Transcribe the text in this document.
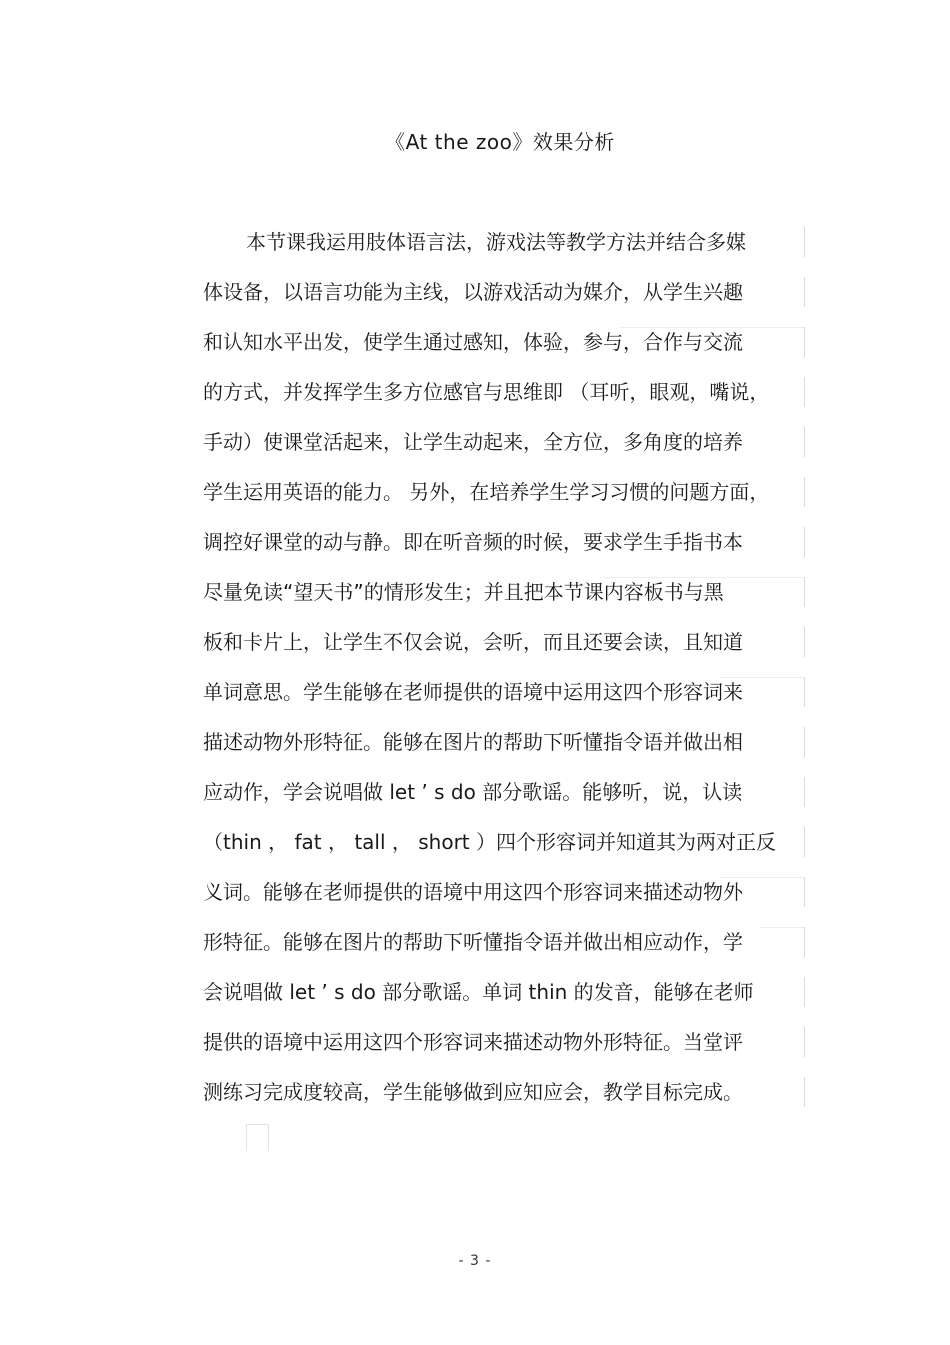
《At the zoo》效果分析
本节课我运用肢体语言法，游戏法等教学方法并结合多媒
体设备，以语言功能为主线，以游戏活动为媒介，从学生兴趣
和认知水平出发，使学生通过感知，体验，参与，合作与交流
的方式，并发挥学生多方位感官与思维即 （耳听，眼观，嘴说，
手动）使课堂活起来，让学生动起来，全方位，多角度的培养
学生运用英语的能力。 另外，在培养学生学习习惯的问题方面，
调控好课堂的动与静。即在听音频的时候，要求学生手指书本
尽量免读“望天书”的情形发生；并且把本节课内容板书与黑
板和卡片上，让学生不仅会说，会听，而且还要会读，且知道
单词意思。学生能够在老师提供的语境中运用这四个形容词来
描述动物外形特征。能够在图片的帮助下听懂指令语并做出相
应动作，学会说唱做 let ’ s do 部分歌谣。能够听，说，认读
（thin ， fat ， tall ， short ）四个形容词并知道其为两对正反
义词。能够在老师提供的语境中用这四个形容词来描述动物外
形特征。能够在图片的帮助下听懂指令语并做出相应动作，学
会说唱做 let ’ s do 部分歌谣。单词 thin 的发音，能够在老师
提供的语境中运用这四个形容词来描述动物外形特征。当堂评
测练习完成度较高，学生能够做到应知应会，教学目标完成。
- 3 -
